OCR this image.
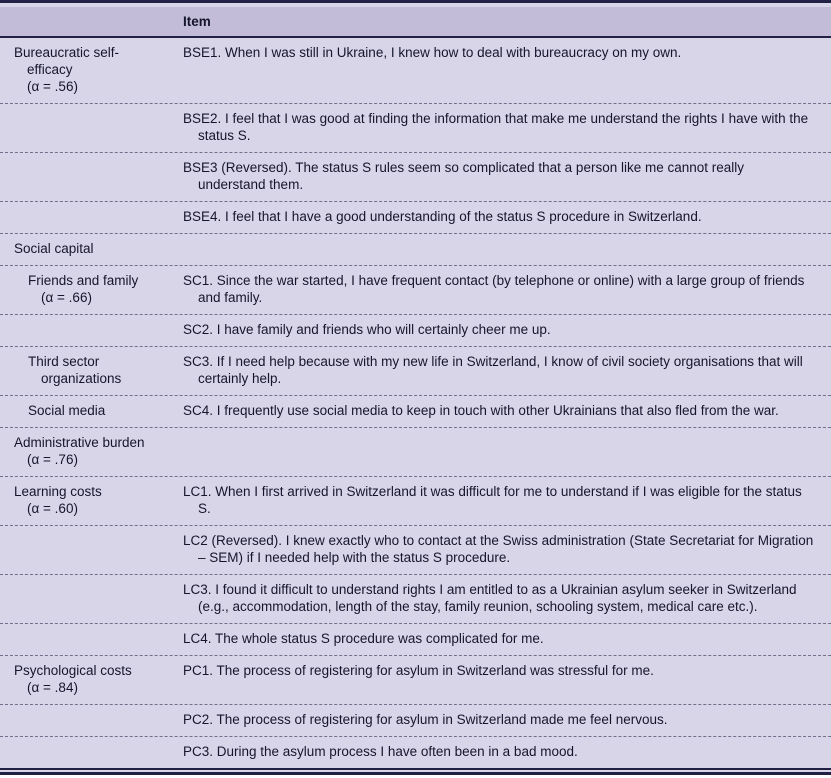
Item
Bureaucratic self-efficacy
(α = .56)
BSE1. When I was still in Ukraine, I knew how to deal with bureaucracy on my own.
BSE2. I feel that I was good at finding the information that make me understand the rights I have with the status S.
BSE3 (Reversed). The status S rules seem so complicated that a person like me cannot really understand them.
BSE4. I feel that I have a good understanding of the status S procedure in Switzerland.
Social capital
Friends and family
(α = .66)
SC1. Since the war started, I have frequent contact (by telephone or online) with a large group of friends and family.
SC2. I have family and friends who will certainly cheer me up.
Third sector organizations
SC3. If I need help because with my new life in Switzerland, I know of civil society organisations that will certainly help.
Social media	SC4. I frequently use social media to keep in touch with other Ukrainians that also fled from the war.
Administrative burden
(α = .76)
Learning costs
(α = .60)
LC1. When I first arrived in Switzerland it was difficult for me to understand if I was eligible for the status S.
LC2 (Reversed). I knew exactly who to contact at the Swiss administration (State Secretariat for Migration – SEM) if I needed help with the status S procedure.
LC3. I found it difficult to understand rights I am entitled to as a Ukrainian asylum seeker in Switzerland (e.g., accommodation, length of the stay, family reunion, schooling system, medical care etc.).
LC4. The whole status S procedure was complicated for me.
Psychological costs
(α = .84)
PC1. The process of registering for asylum in Switzerland was stressful for me.
PC2. The process of registering for asylum in Switzerland made me feel nervous.
PC3. During the asylum process I have often been in a bad mood.
